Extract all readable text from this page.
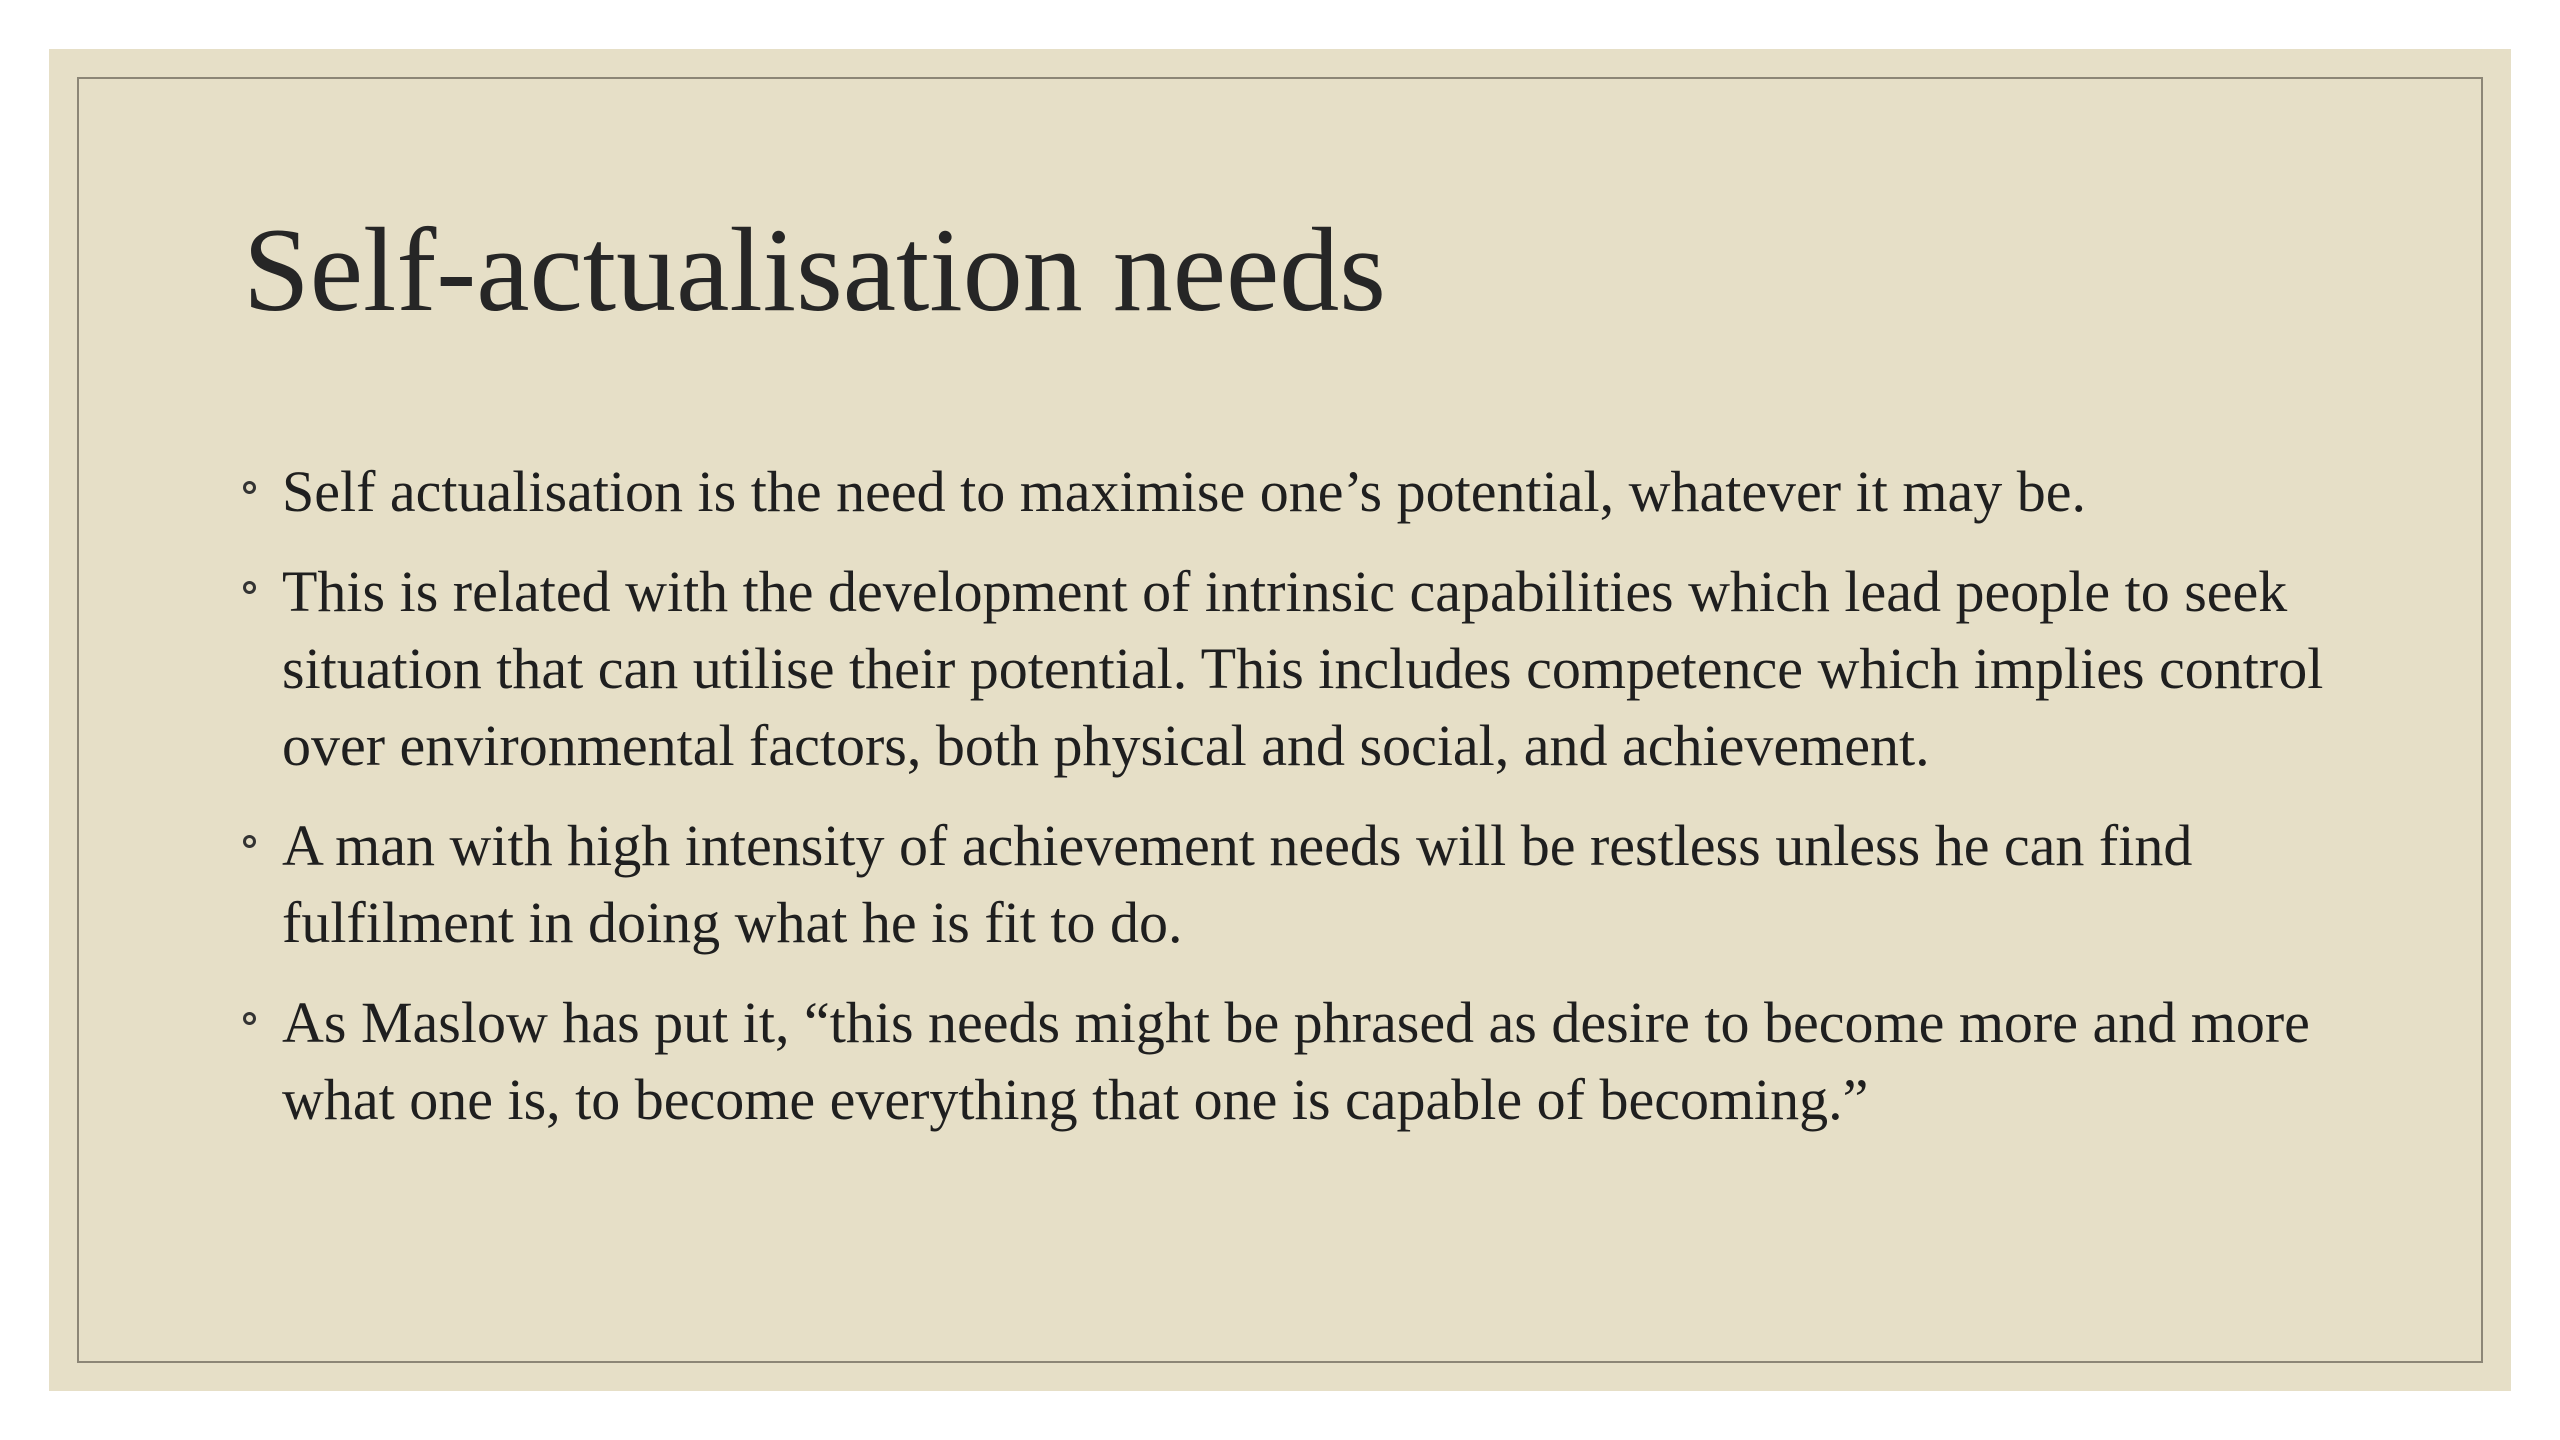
Self-actualisation needs
Self actualisation is the need to maximise one’s potential, whatever it may be.
This is related with the development of intrinsic capabilities which lead people to seek situation that can utilise their potential. This includes competence which implies control over environmental factors, both physical and social, and achievement.
A man with high intensity of achievement needs will be restless unless he can find fulfilment in doing what he is fit to do.
As Maslow has put it, “this needs might be phrased as desire to become more and more what one is, to become everything that one is capable of becoming.”
